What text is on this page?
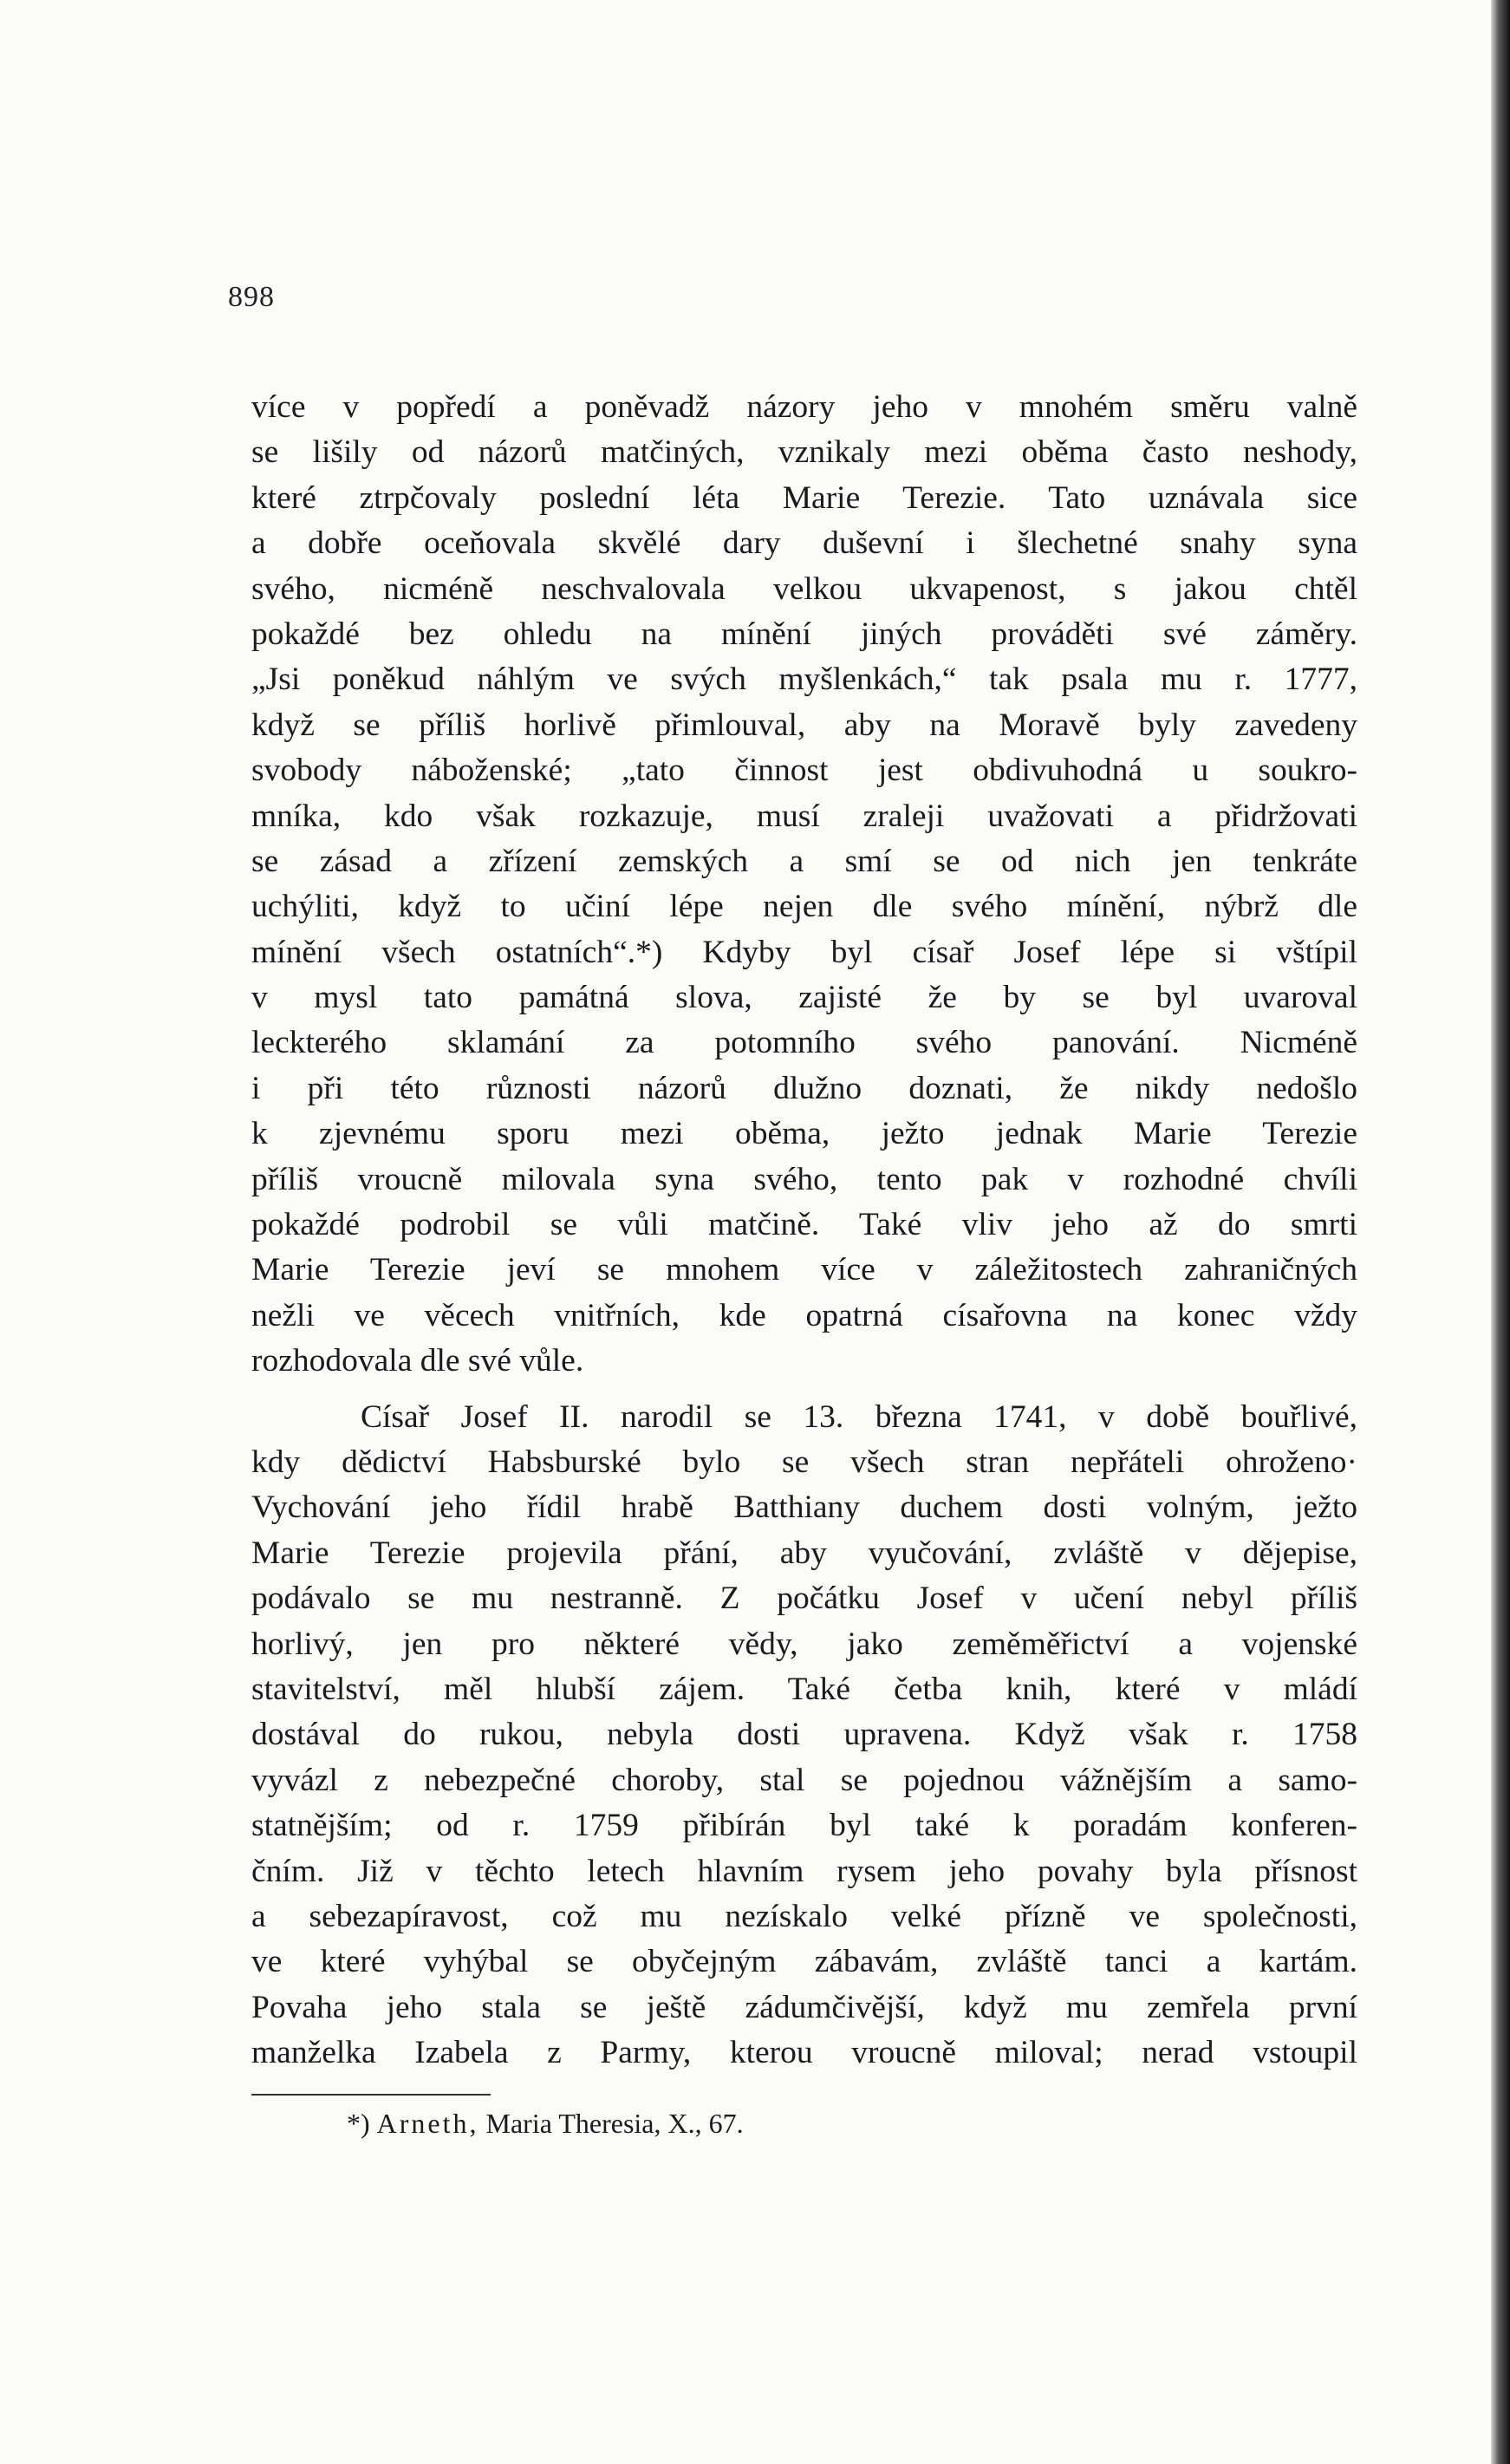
898
více v popředí a poněvadž názory jeho v mnohém směru valně
se lišily od názorů matčiných, vznikaly mezi oběma často neshody,
které ztrpčovaly poslední léta Marie Terezie. Tato uznávala sice
a dobře oceňovala skvělé dary duševní i šlechetné snahy syna
svého, nicméně neschvalovala velkou ukvapenost, s jakou chtěl
pokaždé bez ohledu na mínění jiných prováděti své záměry.
„Jsi poněkud náhlým ve svých myšlenkách,“ tak psala mu r. 1777,
když se příliš horlivě přimlouval, aby na Moravě byly zavedeny
svobody náboženské; „tato činnost jest obdivuhodná u soukro-
mníka, kdo však rozkazuje, musí zraleji uvažovati a přidržovati
se zásad a zřízení zemských a smí se od nich jen tenkráte
uchýliti, když to učiní lépe nejen dle svého mínění, nýbrž dle
mínění všech ostatních“.*) Kdyby byl císař Josef lépe si vštípil
v mysl tato památná slova, zajisté že by se byl uvaroval
leckterého sklamání za potomního svého panování. Nicméně
i při této různosti názorů dlužno doznati, že nikdy nedošlo
k zjevnému sporu mezi oběma, ježto jednak Marie Terezie
příliš vroucně milovala syna svého, tento pak v rozhodné chvíli
pokaždé podrobil se vůli matčině. Také vliv jeho až do smrti
Marie Terezie jeví se mnohem více v záležitostech zahraničných
nežli ve věcech vnitřních, kde opatrná císařovna na konec vždy
rozhodovala dle své vůle.
Císař Josef II. narodil se 13. března 1741, v době bouřlivé,
kdy dědictví Habsburské bylo se všech stran nepřáteli ohroženo·
Vychování jeho řídil hrabě Batthiany duchem dosti volným, ježto
Marie Terezie projevila přání, aby vyučování, zvláště v dějepise,
podávalo se mu nestranně. Z počátku Josef v učení nebyl příliš
horlivý, jen pro některé vědy, jako zeměměřictví a vojenské
stavitelství, měl hlubší zájem. Také četba knih, které v mládí
dostával do rukou, nebyla dosti upravena. Když však r. 1758
vyvázl z nebezpečné choroby, stal se pojednou vážnějším a samo-
statnějším; od r. 1759 přibírán byl také k poradám konferen-
čním. Již v těchto letech hlavním rysem jeho povahy byla přísnost
a sebezapíravost, což mu nezískalo velké přízně ve společnosti,
ve které vyhýbal se obyčejným zábavám, zvláště tanci a kartám.
Povaha jeho stala se ještě zádumčivější, když mu zemřela první
manželka Izabela z Parmy, kterou vroucně miloval; nerad vstoupil
*) Arneth, Maria Theresia, X., 67.
